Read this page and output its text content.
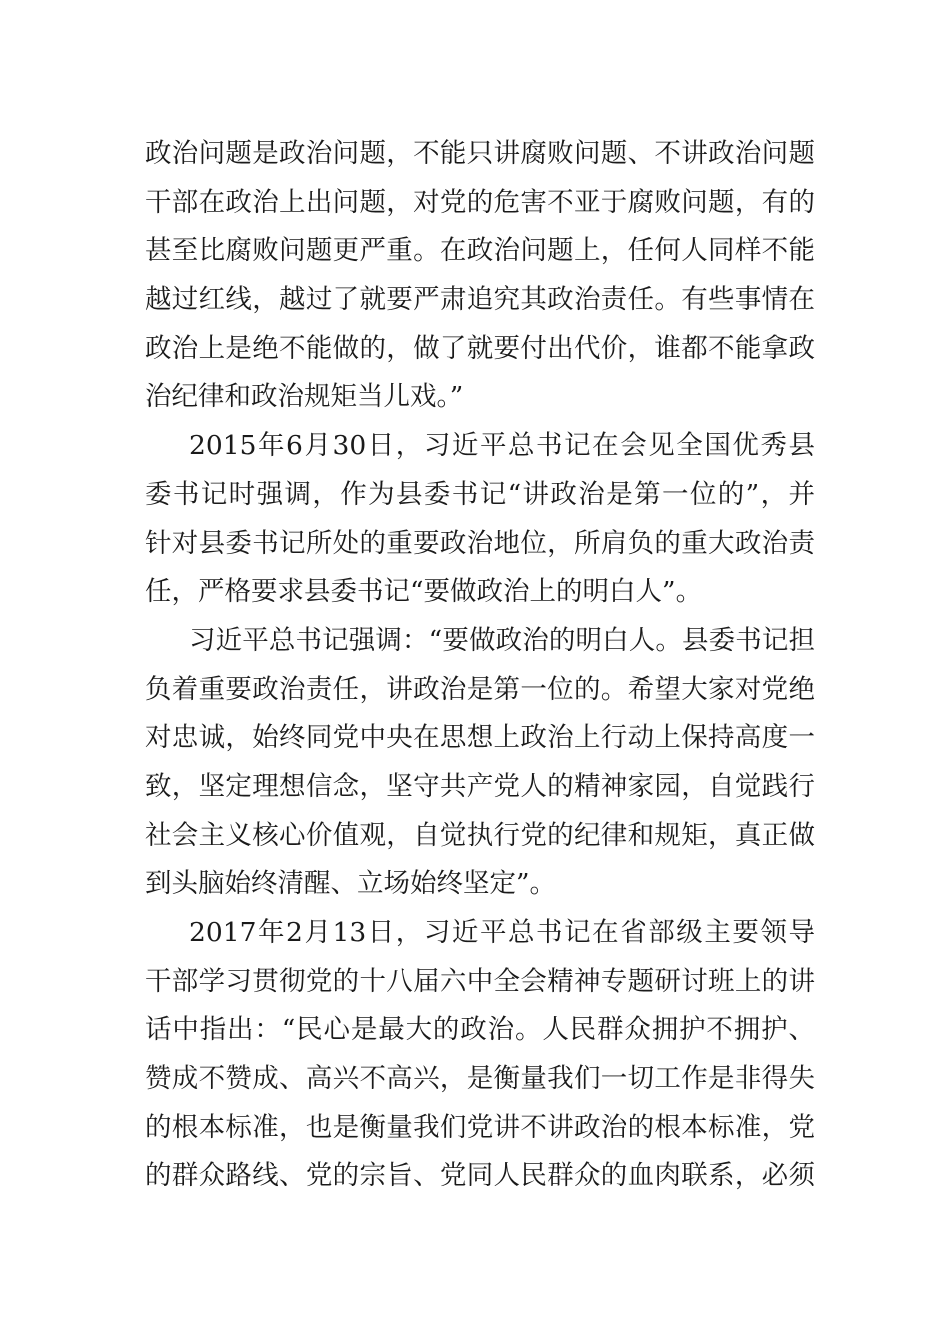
政治问题是政治问题，不能只讲腐败问题、不讲政治问题
干部在政治上出问题，对党的危害不亚于腐败问题，有的
甚至比腐败问题更严重。在政治问题上，任何人同样不能
越过红线，越过了就要严肃追究其政治责任。有些事情在
政治上是绝不能做的，做了就要付出代价，谁都不能拿政
治纪律和政治规矩当儿戏。”
2015年6月30日，习近平总书记在会见全国优秀县
委书记时强调，作为县委书记“讲政治是第一位的”，并
针对县委书记所处的重要政治地位，所肩负的重大政治责
任，严格要求县委书记“要做政治上的明白人”。
习近平总书记强调：“要做政治的明白人。县委书记担
负着重要政治责任，讲政治是第一位的。希望大家对党绝
对忠诚，始终同党中央在思想上政治上行动上保持高度一
致，坚定理想信念，坚守共产党人的精神家园，自觉践行
社会主义核心价值观，自觉执行党的纪律和规矩，真正做
到头脑始终清醒、立场始终坚定”。
2017年2月13日，习近平总书记在省部级主要领导
干部学习贯彻党的十八届六中全会精神专题研讨班上的讲
话中指出：“民心是最大的政治。人民群众拥护不拥护、
赞成不赞成、高兴不高兴，是衡量我们一切工作是非得失
的根本标准，也是衡量我们党讲不讲政治的根本标准，党
的群众路线、党的宗旨、党同人民群众的血肉联系，必须
